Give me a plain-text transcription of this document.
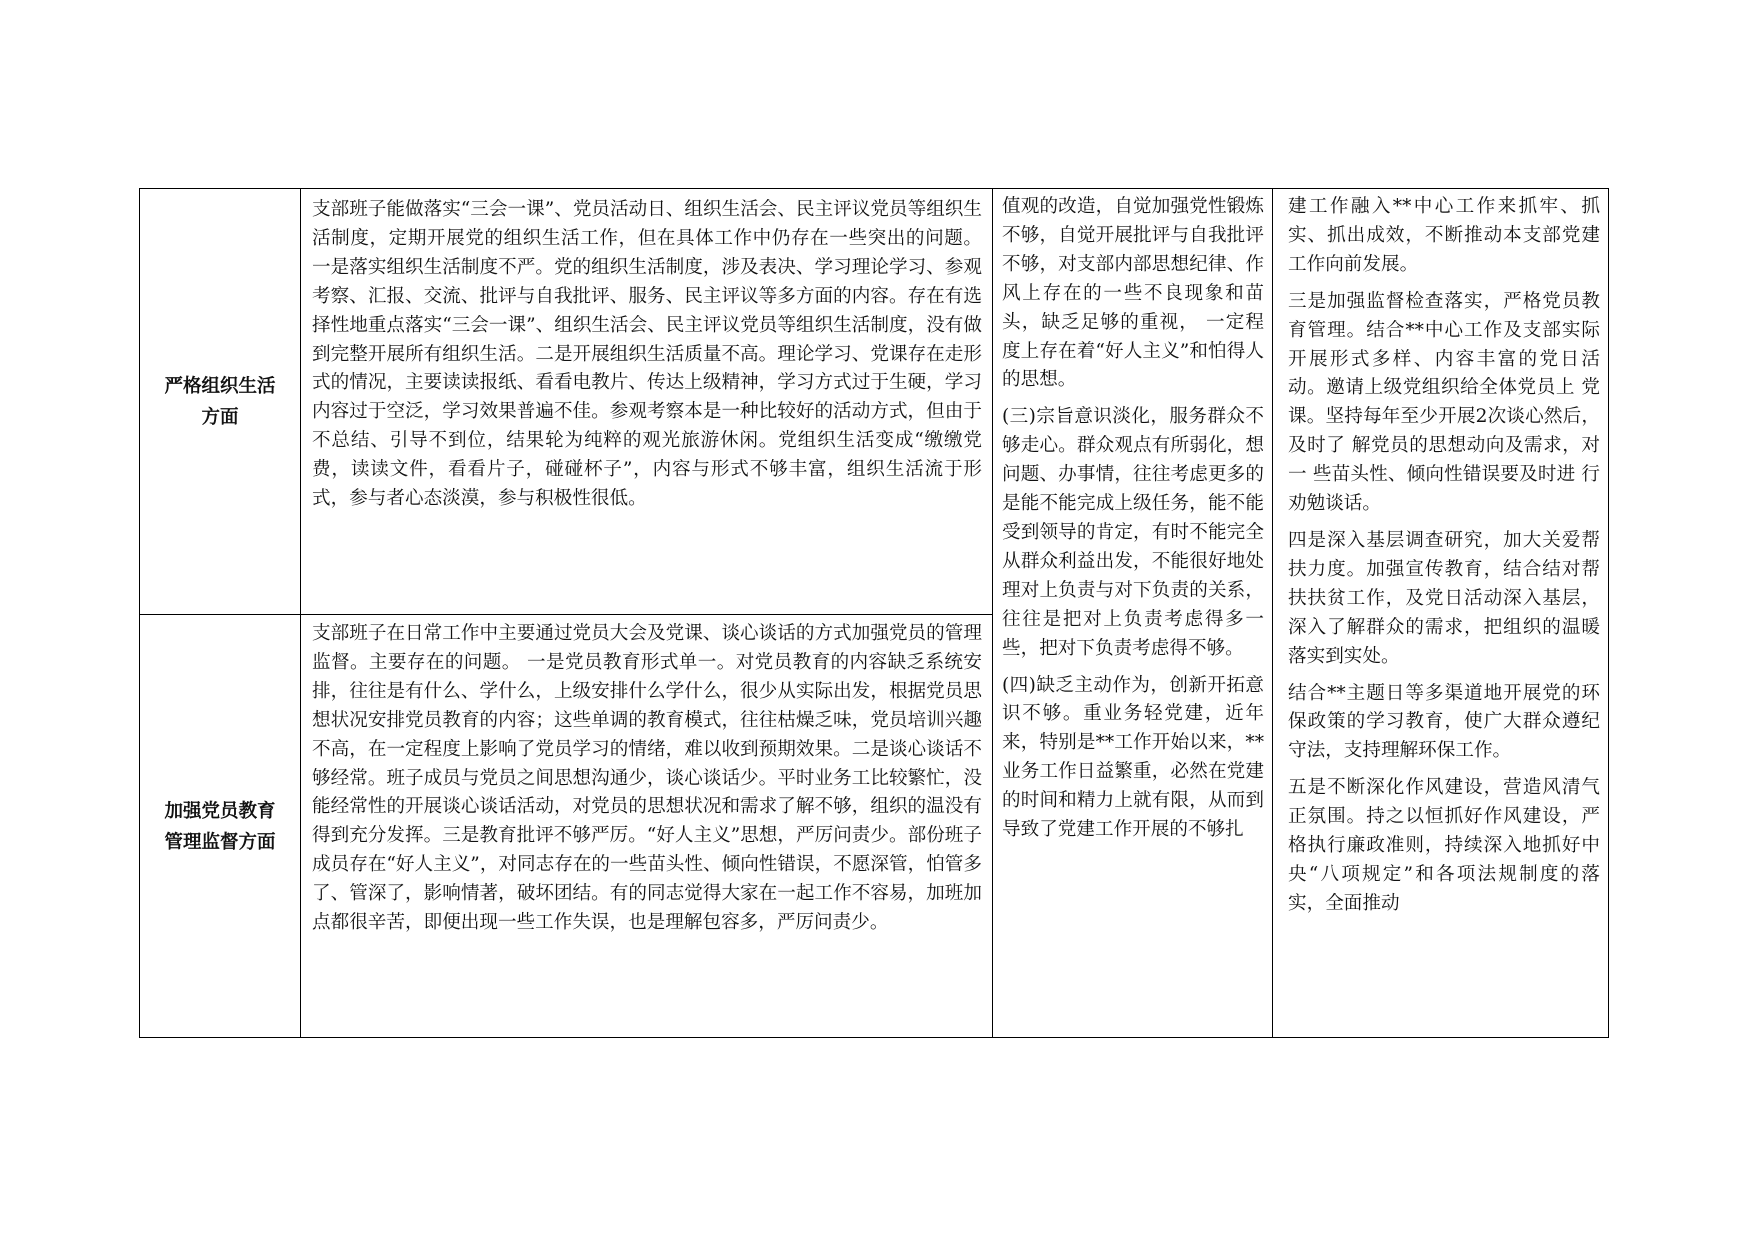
严格组织生活方面

支部班子能做落实“三会一课”、党员活动日、组织生活会、民主评议党员等组织生活制度，定期开展党的组织生活工作，但在具体工作中仍存在一些突出的问题。 一是落实组织生活制度不严。党的组织生活制度，涉及表决、学习理论学习、参观考察、汇报、交流、批评与自我批评、服务、民主评议等多方面的内容。存在有选择性地重点落实“三会一课”、组织生活会、民主评议党员等组织生活制度，没有做到完整开展所有组织生活。二是开展组织生活质量不高。理论学习、党课存在走形式的情况，主要读读报纸、看看电教片、传达上级精神，学习方式过于生硬，学习内容过于空泛，学习效果普遍不佳。参观考察本是一种比较好的活动方式，但由于不总结、引导不到位，结果轮为纯粹的观光旅游休闲。党组织生活变成“缴缴党费，读读文件，看看片子，碰碰杯子”，内容与形式不够丰富，组织生活流于形式，参与者心态淡漠，参与积极性很低。

加强党员教育管理监督方面

支部班子在日常工作中主要通过党员大会及党课、谈心谈话的方式加强党员的管理监督。主要存在的问题。 一是党员教育形式单一。对党员教育的内容缺乏系统安排，往往是有什么、学什么，上级安排什么学什么，很少从实际出发，根据党员思想状况安排党员教育的内容；这些单调的教育模式，往往枯燥乏味，党员培训兴趣不高，在一定程度上影响了党员学习的情绪，难以收到预期效果。二是谈心谈话不够经常。班子成员与党员之间思想沟通少，谈心谈话少。平时业务工比较繁忙，没能经常性的开展谈心谈话活动，对党员的思想状况和需求了解不够，组织的温没有得到充分发挥。三是教育批评不够严厉。“好人主义”思想，严厉问责少。部份班子成员存在“好人主义”，对同志存在的一些苗头性、倾向性错误，不愿深管，怕管多了、管深了，影响情著，破坏团结。有的同志觉得大家在一起工作不容易，加班加点都很辛苦，即便出现一些工作失误，也是理解包容多，严厉问责少。

值观的改造，自觉加强党性锻炼不够，自觉开展批评与自我批评不够，对支部内部思想纪律、作风上存在的一些不良现象和苗头，缺乏足够的重视， 一定程度上存在着“好人主义”和怕得人的思想。

(三)宗旨意识淡化，服务群众不够走心。群众观点有所弱化，想问题、办事情，往往考虑更多的是能不能完成上级任务，能不能受到领导的肯定，有时不能完全从群众利益出发，不能很好地处理对上负责与对下负责的关系，往往是把对上负责考虑得多一些，把对下负责考虑得不够。

(四)缺乏主动作为，创新开拓意识不够。重业务轻党建，近年来，特别是**工作开始以来，**业务工作日益繁重，必然在党建的时间和精力上就有限，从而到导致了党建工作开展的不够扎

建工作融入**中心工作来抓牢、抓实、抓出成效，不断推动本支部党建工作向前发展。

三是加强监督检查落实，严格党员教育管理。结合**中心工作及支部实际开展形式多样、内容丰富的党日活动。邀请上级党组织给全体党员上 党课。坚持每年至少开展2次谈心然后，及时了 解党员的思想动向及需求，对一 些苗头性、倾向性错误要及时进 行劝勉谈话。

四是深入基层调查研究，加大关爱帮扶力度。加强宣传教育，结合结对帮扶扶贫工作，及党日活动深入基层，深入了解群众的需求，把组织的温暖落实到实处。

结合**主题日等多渠道地开展党的环保政策的学习教育，使广大群众遵纪守法，支持理解环保工作。

五是不断深化作风建设，营造风清气正氛围。持之以恒抓好作风建设，严格执行廉政准则，持续深入地抓好中央“八项规定”和各项法规制度的落实，全面推动
